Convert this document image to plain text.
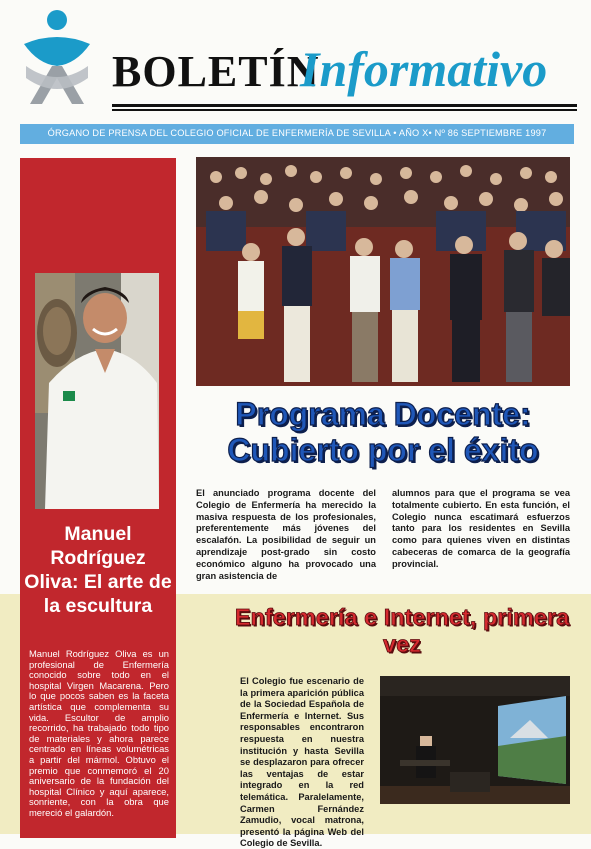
BOLETÍN
Informativo
ÓRGANO DE PRENSA DEL COLEGIO OFICIAL DE ENFERMERÍA DE SEVILLA • AÑO X• Nº 86 SEPTIEMBRE 1997
Manuel Rodríguez Oliva: El arte de la escultura
Manuel Rodríguez Oliva es un profesional de Enfermería conocido sobre todo en el hospital Virgen Macarena. Pero lo que pocos saben es la faceta artística que complementa su vida. Escultor de amplio recorrido, ha trabajado todo tipo de materiales y ahora parece centrado en líneas volumétricas a partir del mármol. Obtuvo el premio que conmemoró el 20 aniversario de la fundación del hospital Clínico y aquí aparece, sonriente, con la obra que mereció el galardón.
Programa Docente: Cubierto por el éxito
El anunciado programa docente del Colegio de Enfermería ha merecido la masiva respuesta de los profesionales, preferentemente más jóvenes del escalafón. La posibilidad de seguir un aprendizaje post-grado sin costo económico alguno ha provocado una gran asistencia de
alumnos para que el programa se vea totalmente cubierto. En esta función, el Colegio nunca escatimará esfuerzos tanto para los residentes en Sevilla como para quienes viven en distintas cabeceras de comarca de la geografía provincial.
Enfermería e Internet, primera vez
El Colegio fue escenario de la primera aparición pública de la Sociedad Española de Enfermería e Internet. Sus responsables encontraron respuesta en nuestra institución y hasta Sevilla se desplazaron para ofrecer las ventajas de estar integrado en la red telemática. Paralelamente, Carmen Fernández Zamudio, vocal matrona, presentó la página Web del Colegio de Sevilla.
